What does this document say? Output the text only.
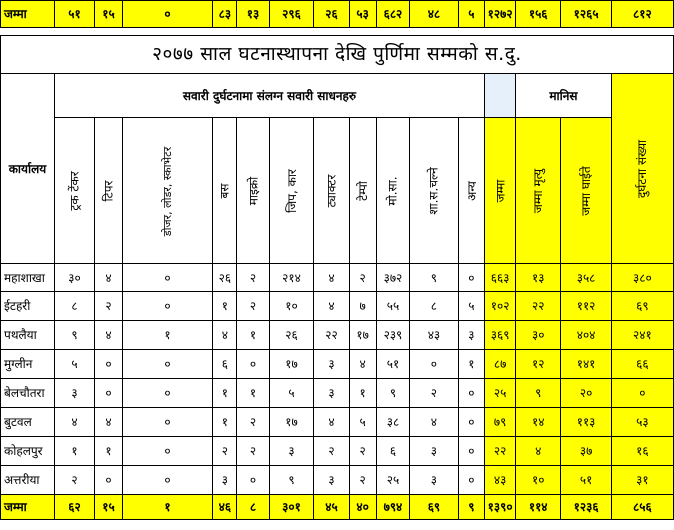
जम्मा	५१	१५	०	८३	१३	२९६	२६	५३	६८२	४८	५	१२७२	१५६	१२६५	८१२

२०७७ साल घटनास्थापना देखि पुर्णिमा सम्मको स.दु.															
कार्यालय	सवारी दुर्घटनामा संलग्न सवारी साधनहरु												मानिस		दुर्घटना संख्या
	ट्रक टेंकर	टिपर	डोजर, लोडर, स्काभेटर	बस	माइक्रो	जिप, कार	ट्याक्टर	टेम्पो	मो.सा.	शा.स.चल्ने	अन्य	जम्मा	जम्मा मृत्यु	जम्मा घाईते	
महाशाखा	३०	४	०	२६	२	२१४	४	२	३७२	९	०	६६३	१३	३५८	३८०
ईटहरी	८	२	०	१	२	१०	४	७	५५	८	५	१०२	२२	११२	६९
पथलैया	९	४	१	४	१	२६	२२	१७	२३९	४३	३	३६९	३०	४०४	२४१
मुग्लीन	५	०	०	६	०	१७	३	४	५१	०	१	८७	१२	१४१	६६
बेलचौतरा	३	०	०	१	१	५	३	१	९	२	०	२५	९	२०	०
बुटवल	४	४	०	१	२	१७	४	५	३८	४	०	७९	१४	११३	५३
कोहलपुर	१	१	०	२	२	३	२	२	६	३	०	२२	४	३७	१६
अत्तरीया	२	०	०	३	०	९	३	२	२५	३	०	४३	१०	५१	३१
जम्मा	६२	१५	१	४६	८	३०१	४५	४०	७९४	६९	९	१३९०	११४	१२३६	८५६
